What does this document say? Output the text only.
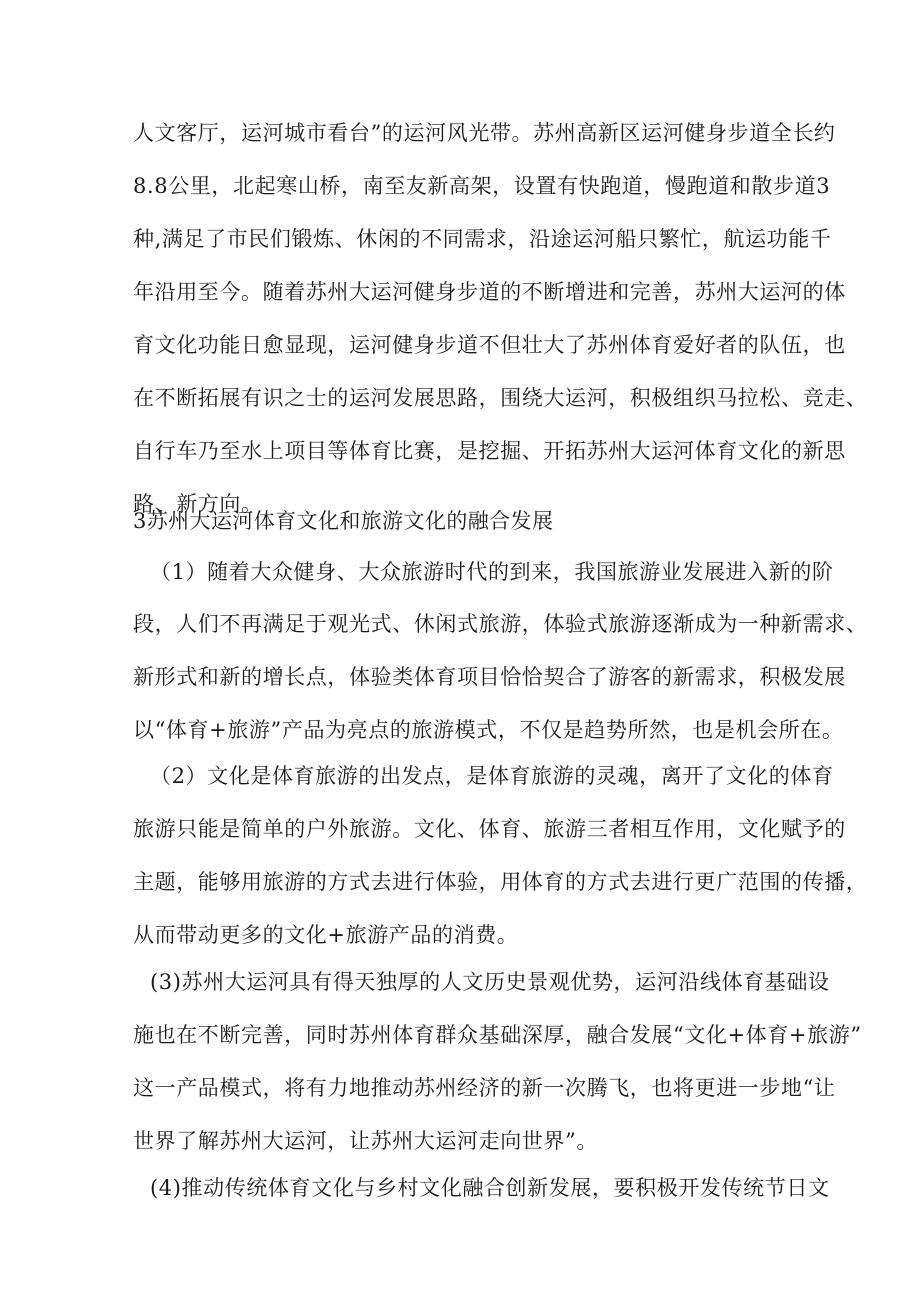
人文客厅，运河城市看台”的运河风光带。苏州高新区运河健身步道全长约
8.8公里，北起寒山桥，南至友新高架，设置有快跑道，慢跑道和散步道3
种,满足了市民们锻炼、休闲的不同需求，沿途运河船只繁忙，航运功能千
年沿用至今。随着苏州大运河健身步道的不断增进和完善，苏州大运河的体
育文化功能日愈显现，运河健身步道不但壮大了苏州体育爱好者的队伍，也
在不断拓展有识之士的运河发展思路，围绕大运河，积极组织马拉松、竞走、
自行车乃至水上项目等体育比赛，是挖掘、开拓苏州大运河体育文化的新思
路、新方向。
3苏州大运河体育文化和旅游文化的融合发展
（1）随着大众健身、大众旅游时代的到来，我国旅游业发展进入新的阶
段，人们不再满足于观光式、休闲式旅游，体验式旅游逐渐成为一种新需求、
新形式和新的增长点，体验类体育项目恰恰契合了游客的新需求，积极发展
以“体育+旅游”产品为亮点的旅游模式，不仅是趋势所然，也是机会所在。
（2）文化是体育旅游的出发点，是体育旅游的灵魂，离开了文化的体育
旅游只能是简单的户外旅游。文化、体育、旅游三者相互作用，文化赋予的
主题，能够用旅游的方式去进行体验，用体育的方式去进行更广范围的传播，
从而带动更多的文化+旅游产品的消费。
(3)苏州大运河具有得天独厚的人文历史景观优势，运河沿线体育基础设
施也在不断完善，同时苏州体育群众基础深厚，融合发展“文化+体育+旅游”
这一产品模式，将有力地推动苏州经济的新一次腾飞，也将更进一步地“让
世界了解苏州大运河，让苏州大运河走向世界”。
(4)推动传统体育文化与乡村文化融合创新发展，要积极开发传统节日文
